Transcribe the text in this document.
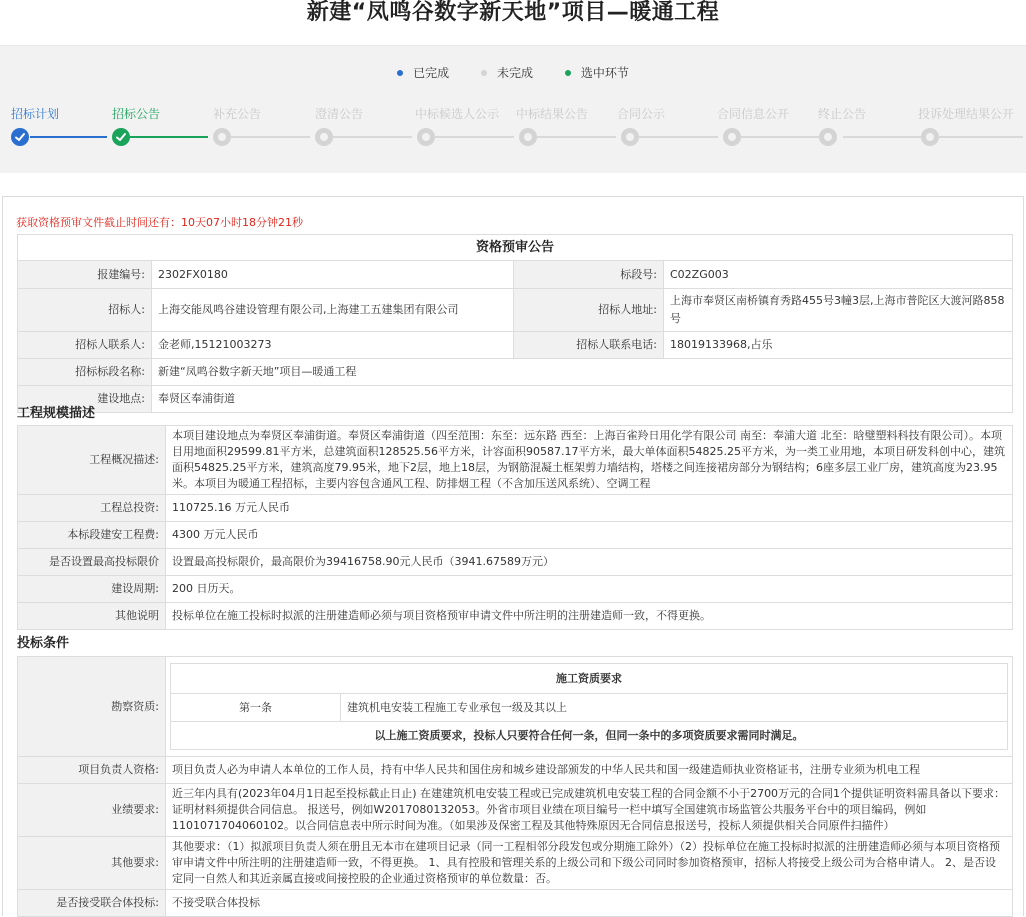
新建“凤鸣谷数字新天地”项目—暖通工程
已完成	未完成	选中环节
招标计划	招标公告	补充公告	澄清公告	中标候选人公示 中标结果公告 合同公示	合同信息公开 终止公告	投诉处理结果公开
获取资格预审文件截止时间还有：10天07小时18分钟21秒
资格预审公告			
报建编号:	2302FX0180	标段号:	C02ZG003
招标人:	上海交能凤鸣谷建设管理有限公司,上海建工五建集团有限公司	招标人地址:	上海市奉贤区南桥镇育秀路455号3幢3层,上海市普陀区大渡河路858号
招标人联系人:	金老师,15121003273	招标人联系电话:	18019133968,占乐
招标标段名称:	新建“凤鸣谷数字新天地”项目—暖通工程		
建设地点:	奉贤区奉浦街道		
工程规模描述
工程概况描述:	本项目建设地点为奉贤区奉浦街道。奉贤区奉浦街道（四至范围：东至：远东路 西至：上海百雀羚日用化学有限公司 南至：奉浦大道 北至：晗璧塑料科技有限公司）。本项目用地面积29599.81平方米，总建筑面积128525.56平方米，计容面积90587.17平方米，最大单体面积54825.25平方米，为一类工业用地，本项目研发科创中心，建筑面积54825.25平方米，建筑高度79.95米，地下2层，地上18层，为钢筋混凝土框架剪力墙结构，塔楼之间连接裙房部分为钢结构；6座多层工业厂房，建筑高度为23.95米。本项目为暖通工程招标，主要内容包含通风工程、防排烟工程（不含加压送风系统）、空调工程
工程总投资:	110725.16 万元人民币
本标段建安工程费:	4300 万元人民币
是否设置最高投标限价	设置最高投标限价，最高限价为39416758.90元人民币（3941.67589万元）
建设周期:	200 日历天。
其他说明	投标单位在施工投标时拟派的注册建造师必须与项目资格预审申请文件中所注明的注册建造师一致，不得更换。
投标条件
勘察资质:	
施工资质要求
第一条	建筑机电安装工程施工专业承包一级及其以上
以上施工资质要求，投标人只要符合任何一条，但同一条中的多项资质要求需同时满足。

项目负责人资格:	项目负责人必为申请人本单位的工作人员，持有中华人民共和国住房和城乡建设部颁发的中华人民共和国一级建造师执业资格证书，注册专业须为机电工程
业绩要求:	近三年内具有(2023年04月1日起至投标截止日止) 在建建筑机电安装工程或已完成建筑机电安装工程的合同金额不小于2700万元的合同1个提供证明资料需具备以下要求：证明材料须提供合同信息。 报送号，例如W2017080132053。外省市项目业绩在项目编号一栏中填写全国建筑市场监管公共服务平台中的项目编码，例如1101071704060102。以合同信息表中所示时间为准。（如果涉及保密工程及其他特殊原因无合同信息报送号，投标人须提供相关合同原件扫描件）
其他要求:	其他要求：（1）拟派项目负责人须在册且无本市在建项目记录（同一工程相邻分段发包或分期施工除外）（2）投标单位在施工投标时拟派的注册建造师必须与本项目资格预审申请文件中所注明的注册建造师一致，不得更换。 1、具有控股和管理关系的上级公司和下级公司同时参加资格预审，招标人将接受上级公司为合格申请人。 2、是否设定同一自然人和其近亲属直接或间接控股的企业通过资格预审的单位数量：否。
是否接受联合体投标:	不接受联合体投标
